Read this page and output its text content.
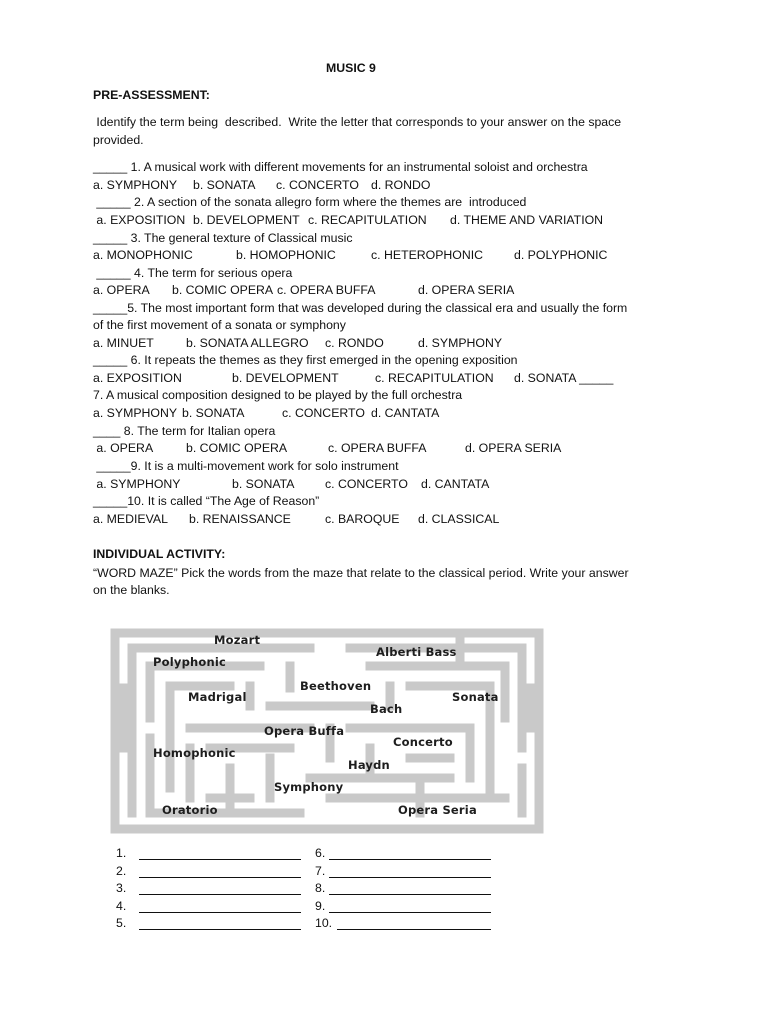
MUSIC 9
PRE-ASSESSMENT:
Identify the term being  described.  Write the letter that corresponds to your answer on the space
provided.
_____ 1. A musical work with different movements for an instrumental soloist and orchestra
a. SYMPHONY b. SONATA c. CONCERTO d. RONDO
_____ 2. A section of the sonata allegro form where the themes are  introduced
a. EXPOSITION b. DEVELOPMENT c. RECAPITULATION d. THEME AND VARIATION
_____ 3. The general texture of Classical music
a. MONOPHONIC	b. HOMOPHONIC	c. HETEROPHONIC	d. POLYPHONIC
_____ 4. The term for serious opera
a. OPERA b. COMIC OPERA c. OPERA BUFFA	d. OPERA SERIA
_____5. The most important form that was developed during the classical era and usually the form
of the first movement of a sonata or symphony
a. MINUET	b. SONATA ALLEGRO c. RONDO	d. SYMPHONY
_____ 6. It repeats the themes as they first emerged in the opening exposition
a. EXPOSITION	b. DEVELOPMENT	c. RECAPITULATION d. SONATA _____
7. A musical composition designed to be played by the full orchestra
a. SYMPHONY b. SONATA	c. CONCERTO d. CANTATA
____ 8. The term for Italian opera
a. OPERA	b. COMIC OPERA	c. OPERA BUFFA	d. OPERA SERIA
_____9. It is a multi-movement work for solo instrument
a. SYMPHONY	b. SONATA c. CONCERTO d. CANTATA
_____10. It is called “The Age of Reason”
a. MEDIEVAL b. RENAISSANCE	c. BAROQUE d. CLASSICAL
INDIVIDUAL ACTIVITY:
“WORD MAZE” Pick the words from the maze that relate to the classical period. Write your answer
on the blanks.
Mozart
Polyphonic
Alberti Bass
Beethoven
Madrigal	Sonata
Bach
Opera Buffa
Concerto
Homophonic
Haydn
Symphony
Oratorio	Opera Seria
1.
2.
3.
4.
5.
6.
7.
8.
9.
10.
